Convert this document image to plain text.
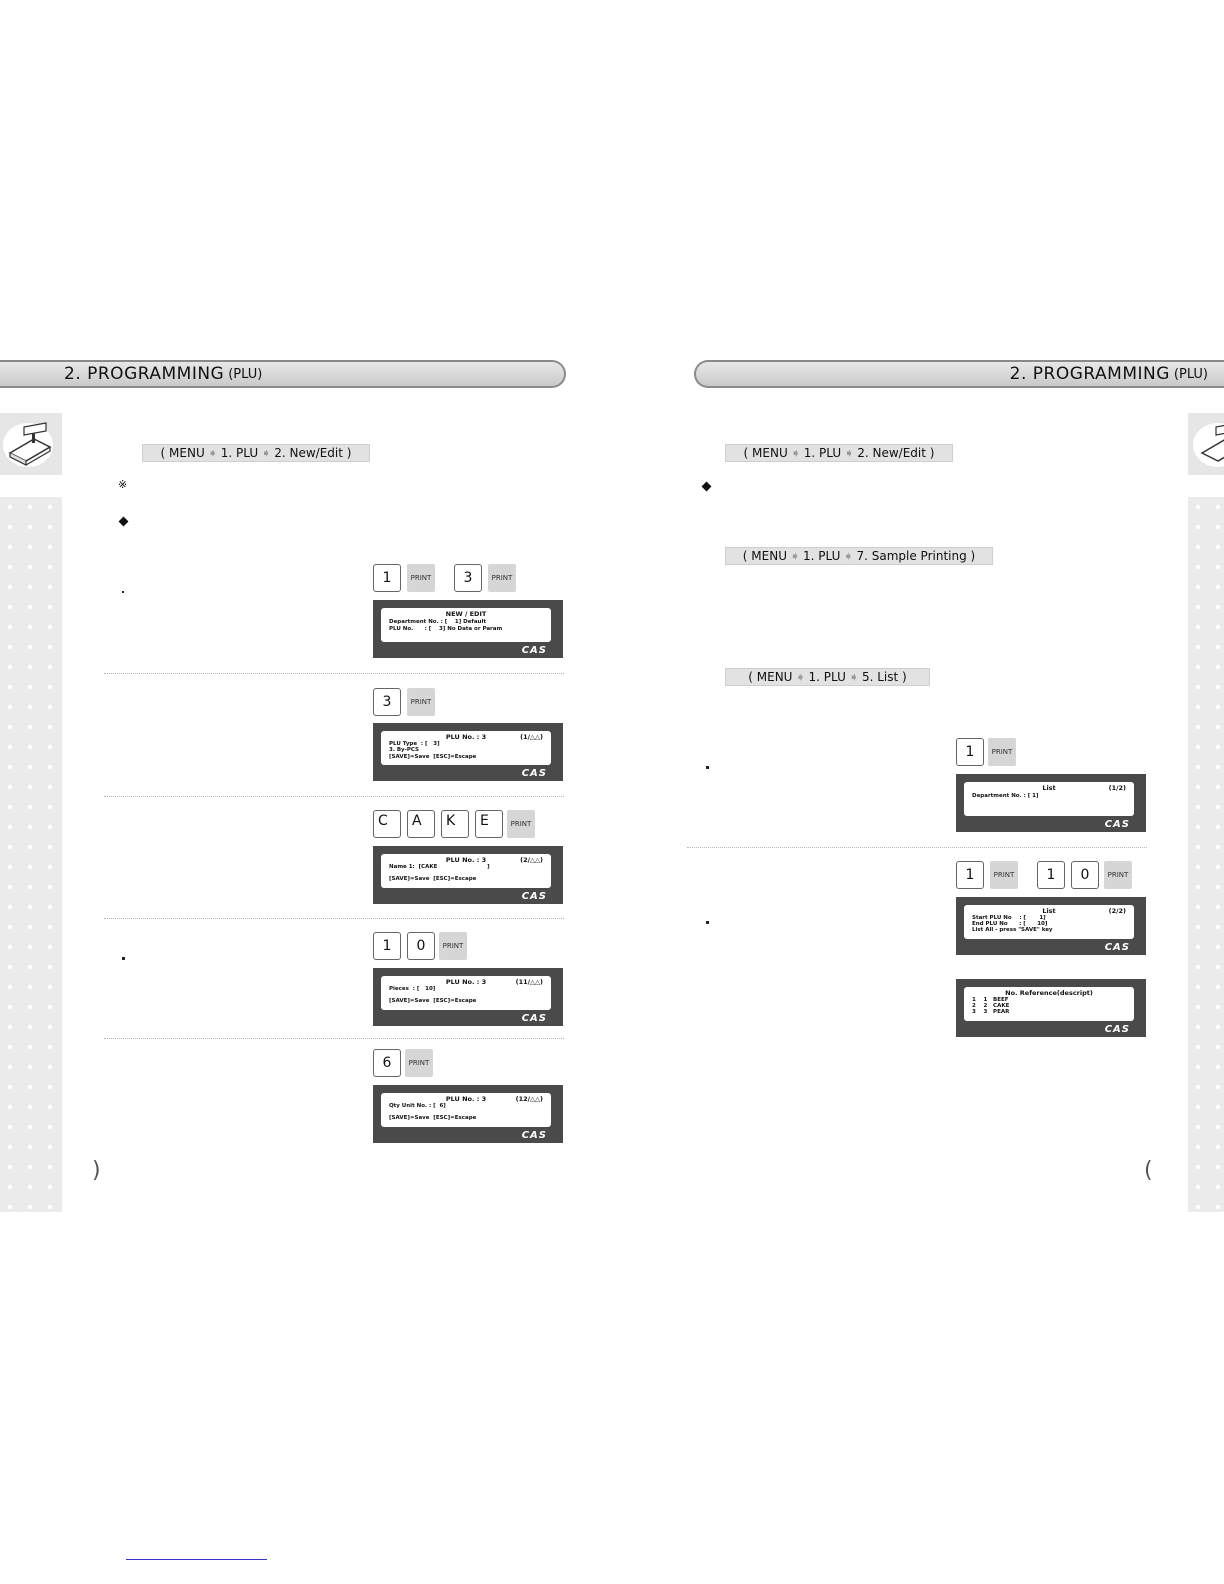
2. PROGRAMMING (PLU)
( MENU ➧ 1. PLU ➧ 2. New/Edit )
※
1	PRINT	3	PRINT
NEW / EDIT
Department No. : [    1] Default
PLU No.      : [    3] No Data or Param
CAS
3	PRINT
PLU No. : 3	(1/△△)
PLU Type  : [   3]
3. By-PCS
[SAVE]=Save  [ESC]=Escape
CAS
C	A	K	E	PRINT
PLU No. : 3	(2/△△)
Name 1:  [CAKE                          ]
[SAVE]=Save  [ESC]=Escape
CAS
1	0	PRINT
PLU No. : 3	(11/△△)
Pieces  : [   10]
[SAVE]=Save  [ESC]=Escape
CAS
6	PRINT
PLU No. : 3	(12/△△)
Qty Unit No. : [  6]
[SAVE]=Save  [ESC]=Escape
CAS
)
2. PROGRAMMING (PLU)
( MENU ➧ 1. PLU ➧ 2. New/Edit )
( MENU ➧ 1. PLU ➧ 7. Sample Printing )
( MENU ➧ 1. PLU ➧ 5. List )
1	PRINT
List	(1/2)
Department No. : [ 1]
CAS
1	PRINT	1	0	PRINT
List	(2/2)
Start PLU No    : [       1]
End PLU No      : [      10]
List All - press "SAVE" key
CAS
No. Reference(descript)
1    1   BEEF
2    2   CAKE
3    3   PEAR
CAS
(
